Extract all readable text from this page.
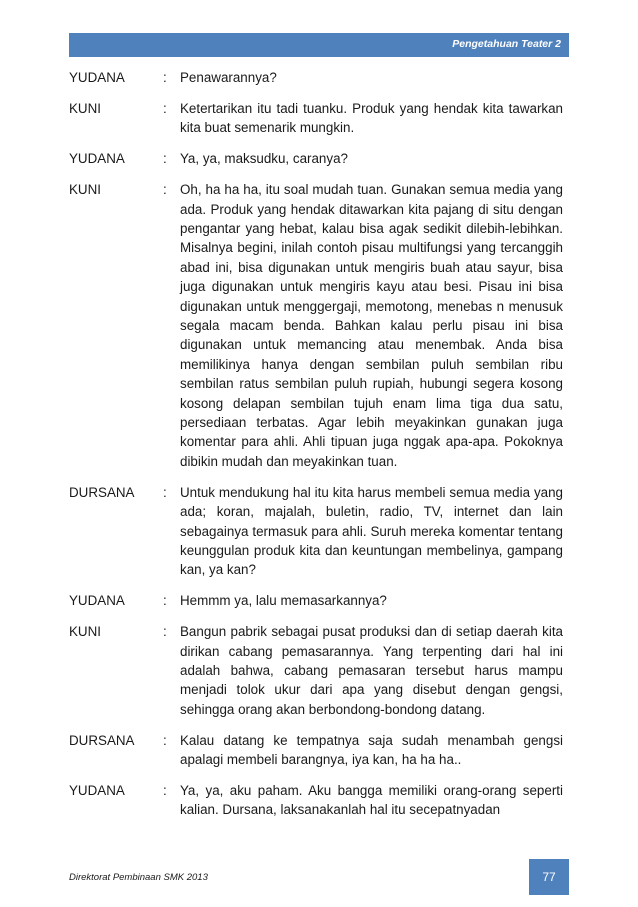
Pengetahuan Teater 2
YUDANA	: Penawarannya?
KUNI	: Ketertarikan itu tadi tuanku. Produk yang hendak kita tawarkan kita buat semenarik mungkin.
YUDANA	: Ya, ya, maksudku, caranya?
KUNI	: Oh, ha ha ha, itu soal mudah tuan. Gunakan semua media yang ada. Produk yang hendak ditawarkan kita pajang di situ dengan pengantar yang hebat, kalau bisa agak sedikit dilebih-lebihkan. Misalnya begini, inilah contoh pisau multifungsi yang tercanggih abad ini, bisa digunakan untuk mengiris buah atau sayur, bisa juga digunakan untuk mengiris kayu atau besi. Pisau ini bisa digunakan untuk menggergaji, memotong, menebas n menusuk segala macam benda. Bahkan kalau perlu pisau ini bisa digunakan untuk memancing atau menembak. Anda bisa memilikinya hanya dengan sembilan puluh sembilan ribu sembilan ratus sembilan puluh rupiah, hubungi segera kosong kosong delapan sembilan tujuh enam lima tiga dua satu, persediaan terbatas. Agar lebih meyakinkan gunakan juga komentar para ahli. Ahli tipuan juga nggak apa-apa. Pokoknya dibikin mudah dan meyakinkan tuan.
DURSANA	: Untuk mendukung hal itu kita harus membeli semua media yang ada; koran, majalah, buletin, radio, TV, internet dan lain sebagainya termasuk para ahli. Suruh mereka komentar tentang keunggulan produk kita dan keuntungan membelinya, gampang kan, ya kan?
YUDANA	: Hemmm ya, lalu memasarkannya?
KUNI	: Bangun pabrik sebagai pusat produksi dan di setiap daerah kita dirikan cabang pemasarannya. Yang terpenting dari hal ini adalah bahwa, cabang pemasaran tersebut harus mampu menjadi tolok ukur dari apa yang disebut dengan gengsi, sehingga orang akan berbondong-bondong datang.
DURSANA	: Kalau datang ke tempatnya saja sudah menambah gengsi apalagi membeli barangnya, iya kan, ha ha ha..
YUDANA	: Ya, ya, aku paham. Aku bangga memiliki orang-orang seperti kalian. Dursana, laksanakanlah hal itu secepatnyadan
Direktorat Pembinaan SMK 2013	77
